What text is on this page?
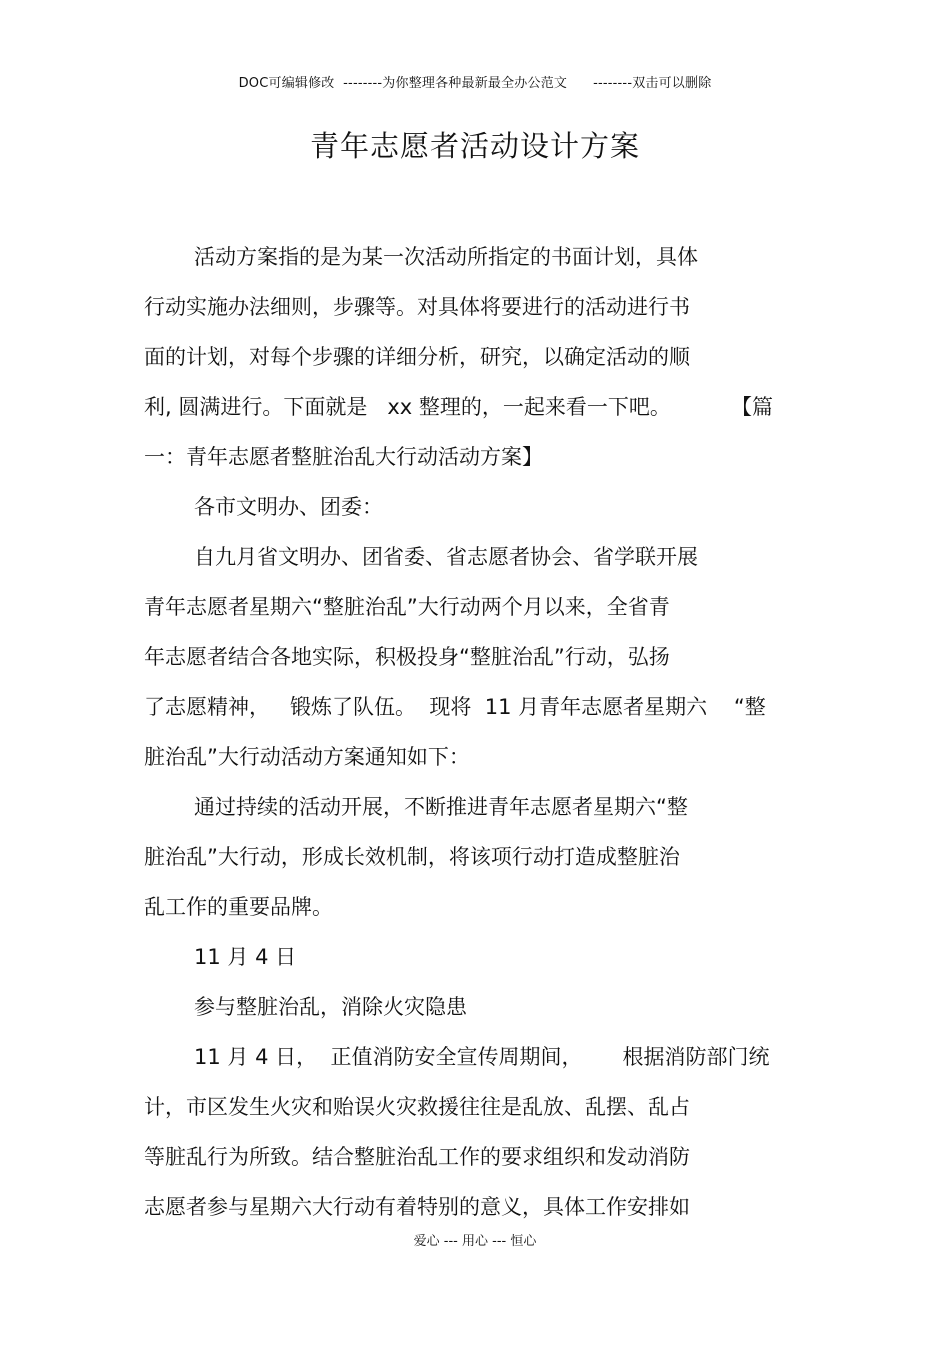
DOC可编辑修改  --------为你整理各种最新最全办公范文      --------双击可以删除
青年志愿者活动设计方案
活动方案指的是为某一次活动所指定的书面计划，具体
行动实施办法细则，步骤等。对具体将要进行的活动进行书
面的计划，对每个步骤的详细分析，研究，以确定活动的顺
利, 圆满进行。下面就是   xx 整理的，一起来看一下吧。         【篇
一：青年志愿者整脏治乱大行动活动方案】
各市文明办、团委：
自九月省文明办、团省委、省志愿者协会、省学联开展
青年志愿者星期六“整脏治乱”大行动两个月以来，全省青
年志愿者结合各地实际，积极投身“整脏治乱”行动，弘扬
了志愿精神，   锻炼了队伍。  现将  11 月青年志愿者星期六    “整
脏治乱”大行动活动方案通知如下：
通过持续的活动开展，不断推进青年志愿者星期六“整
脏治乱”大行动，形成长效机制，将该项行动打造成整脏治
乱工作的重要品牌。
11 月 4 日
参与整脏治乱，消除火灾隐患
11 月 4 日，  正值消防安全宣传周期间，      根据消防部门统
计，市区发生火灾和贻误火灾救援往往是乱放、乱摆、乱占
等脏乱行为所致。结合整脏治乱工作的要求组织和发动消防
志愿者参与星期六大行动有着特别的意义，具体工作安排如
爱心 --- 用心 --- 恒心
